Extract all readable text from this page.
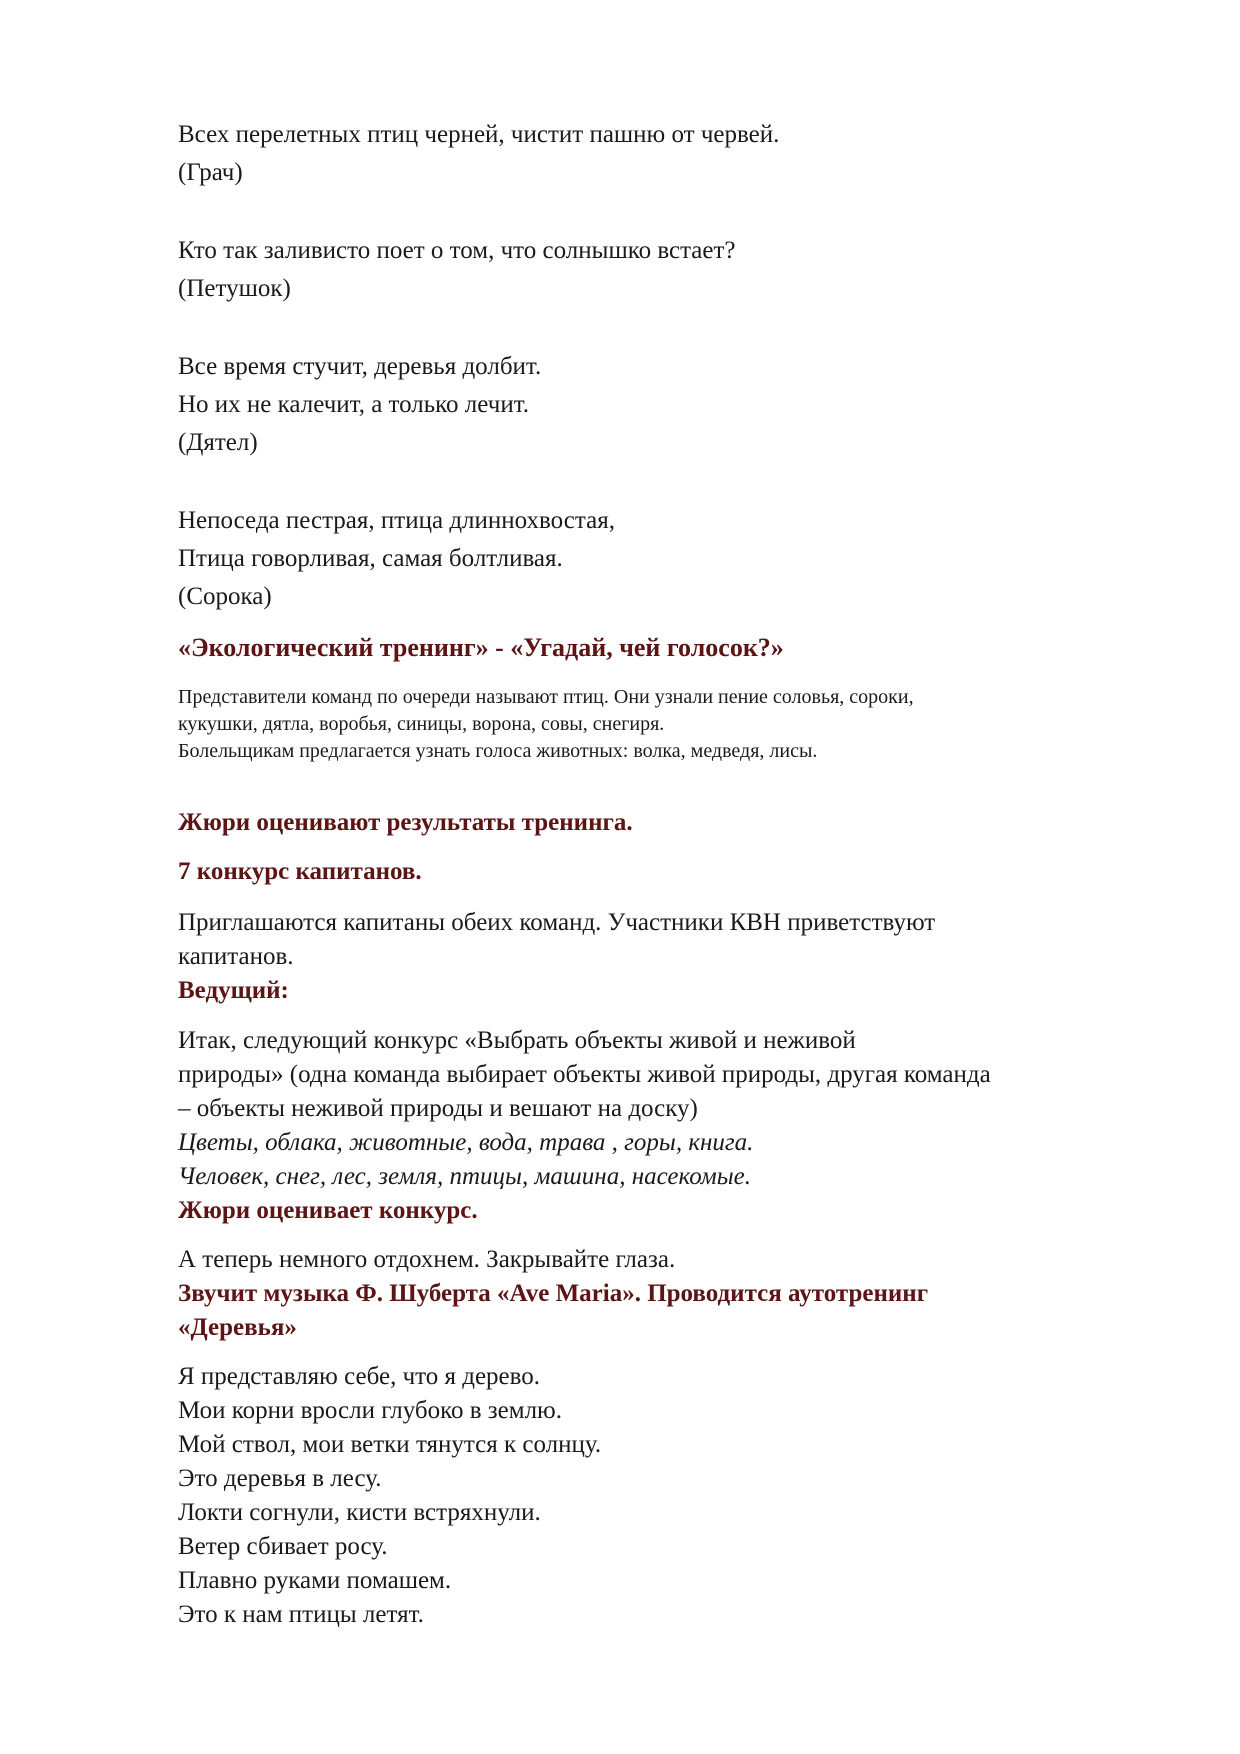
Всех перелетных птиц черней, чистит пашню от червей.

(Грач)

Кто так заливисто поет о том, что солнышко встает?

(Петушок)

Все время стучит, деревья долбит.

Но их не калечит, а только лечит.

(Дятел)

Непоседа пестрая, птица длиннохвостая,

Птица говорливая, самая болтливая.

(Сорока)

«Экологический тренинг» - «Угадай, чей голосок?»

Представители команд по очереди называют птиц. Они узнали пение соловья, сороки,

кукушки, дятла, воробья, синицы, ворона, совы, снегиря.

Болельщикам предлагается узнать голоса животных: волка, медведя, лисы.

Жюри оценивают результаты тренинга.

7 конкурс капитанов.

Приглашаются капитаны обеих команд. Участники КВН приветствуют

капитанов.

Ведущий:

Итак, следующий конкурс «Выбрать объекты живой и неживой

природы» (одна команда выбирает объекты живой природы, другая команда

– объекты неживой природы и вешают на доску)

Цветы, облака, животные, вода, трава , горы, книга.

Человек, снег, лес, земля, птицы, машина, насекомые.

Жюри оценивает конкурс.

А теперь немного отдохнем. Закрывайте глаза.

Звучит музыка Ф. Шуберта «Ave Maria». Проводится аутотренинг

«Деревья»

Я представляю себе, что я дерево.

Мои корни вросли глубоко в землю.

Мой ствол, мои ветки тянутся к солнцу.

Это деревья в лесу.

Локти согнули, кисти встряхнули.

Ветер сбивает росу.

Плавно руками помашем.

Это к нам птицы летят.
